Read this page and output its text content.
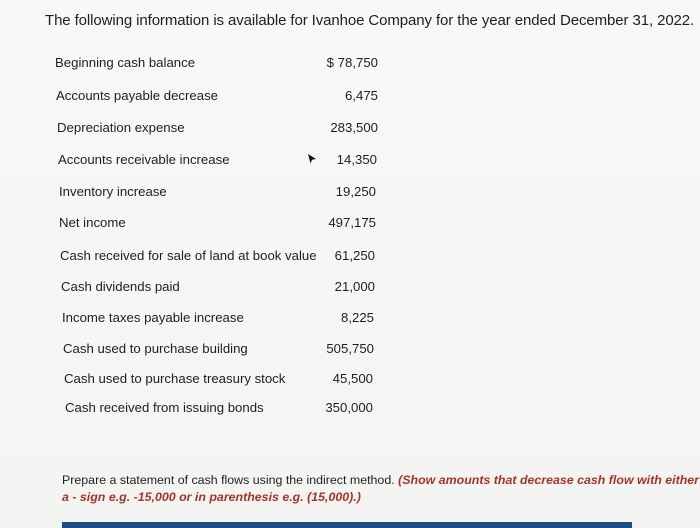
The following information is available for Ivanhoe Company for the year ended December 31, 2022.
Beginning cash balance	$ 78,750
Accounts payable decrease	6,475
Depreciation expense	283,500
Accounts receivable increase	14,350
Inventory increase	19,250
Net income	497,175
Cash received for sale of land at book value 61,250
Cash dividends paid	21,000
Income taxes payable increase	8,225
Cash used to purchase building	505,750
Cash used to purchase treasury stock	45,500
Cash received from issuing bonds	350,000
Prepare a statement of cash flows using the indirect method. (Show amounts that decrease cash flow with either a - sign e.g. -15,000 or in parenthesis e.g. (15,000).)
